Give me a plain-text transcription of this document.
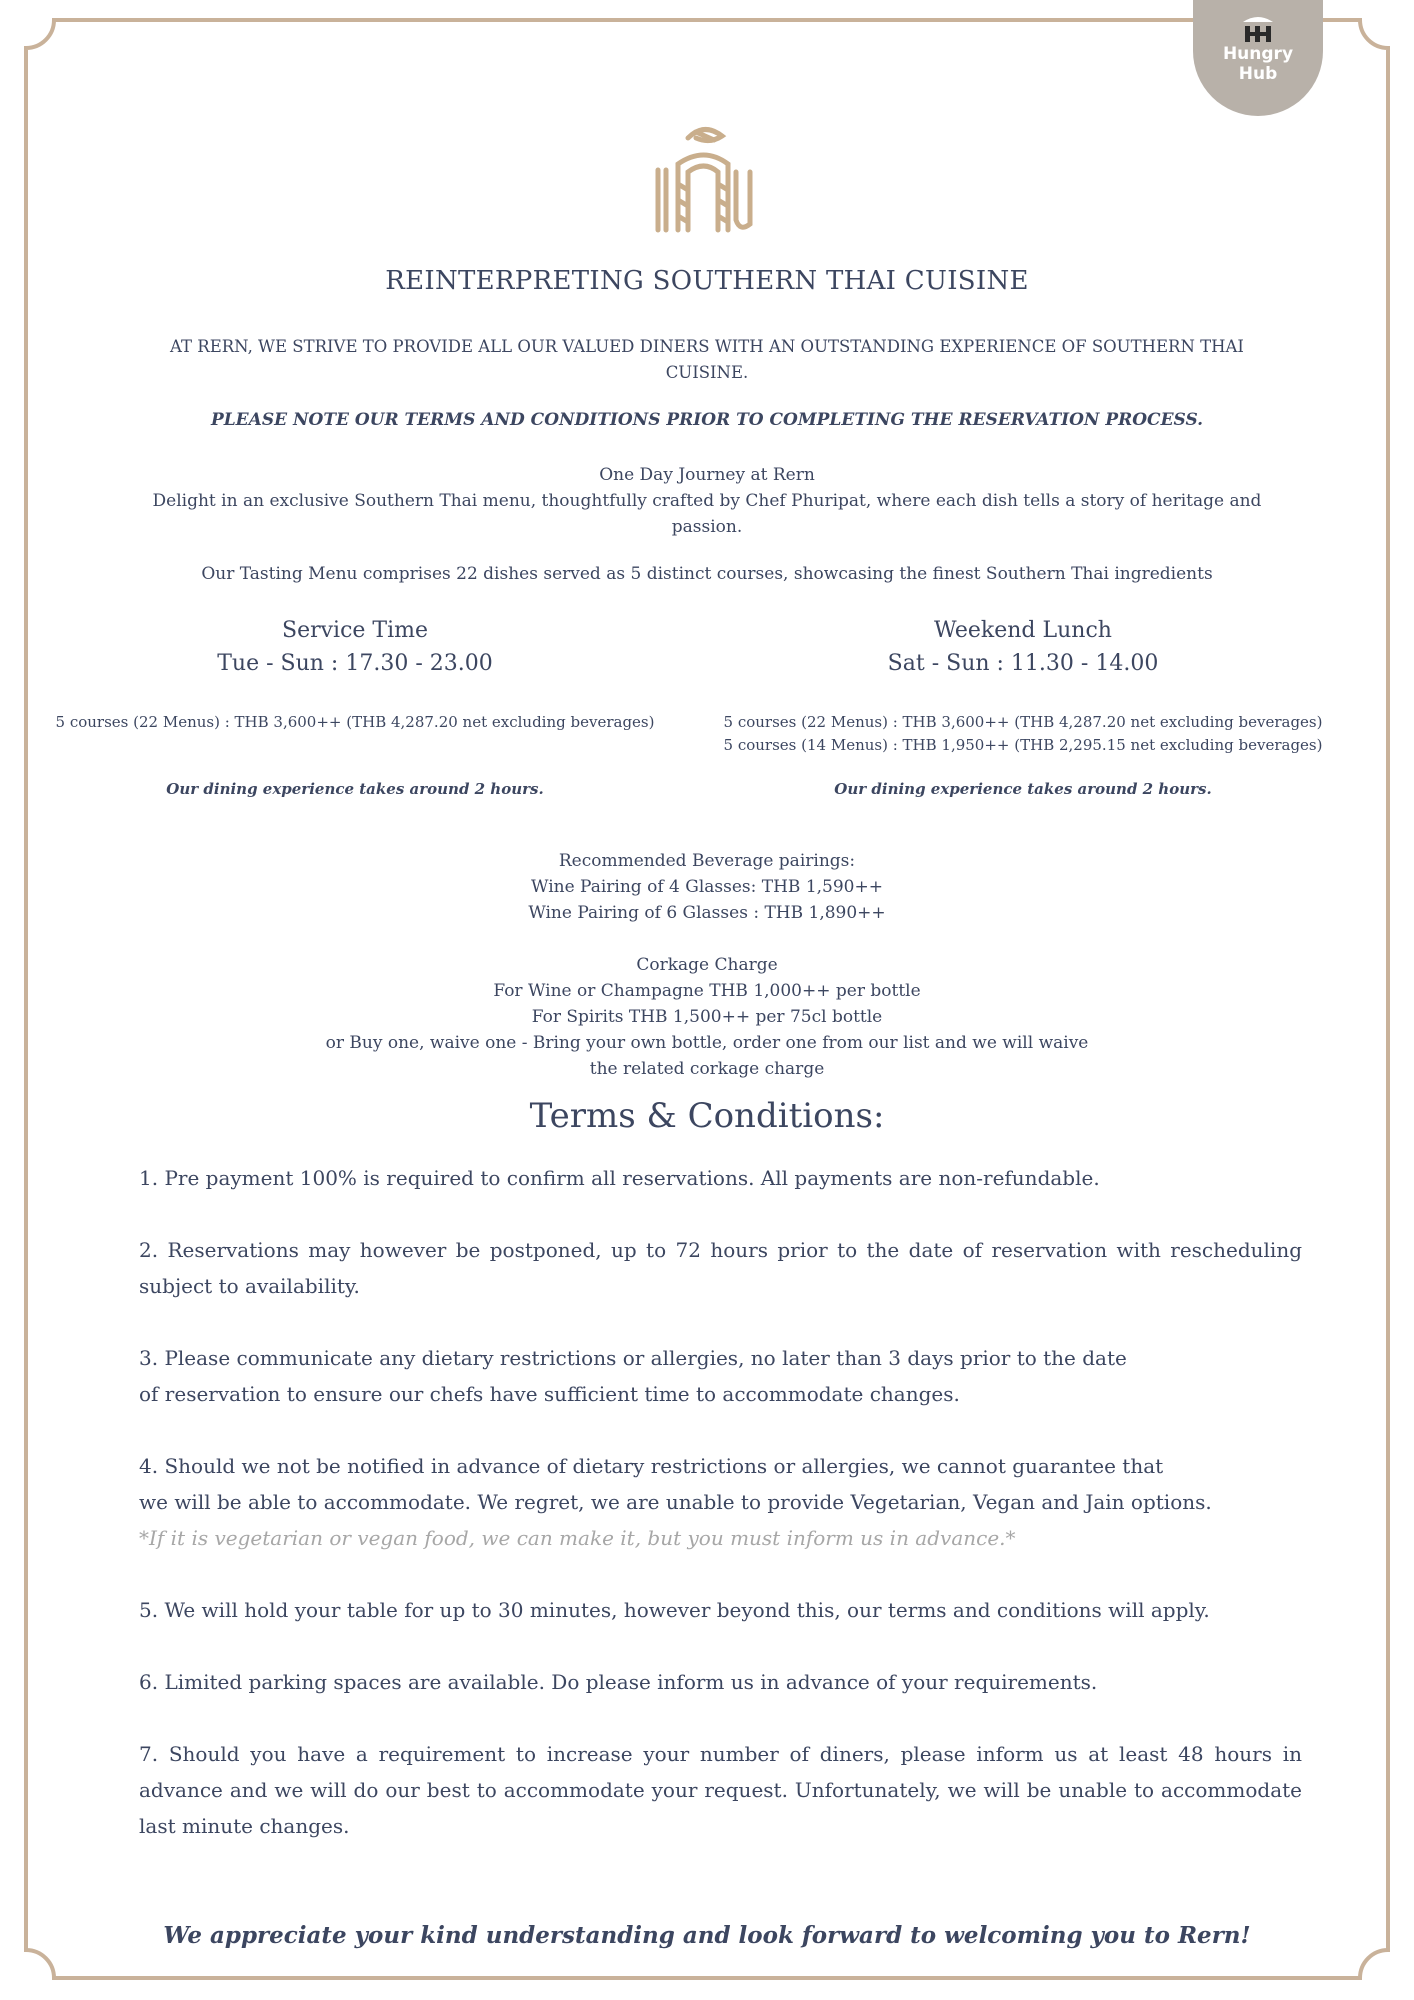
Hungry
Hub
REINTERPRETING SOUTHERN THAI CUISINE
AT RERN, WE STRIVE TO PROVIDE ALL OUR VALUED DINERS WITH AN OUTSTANDING EXPERIENCE OF SOUTHERN THAI CUISINE.
PLEASE NOTE OUR TERMS AND CONDITIONS PRIOR TO COMPLETING THE RESERVATION PROCESS.
One Day Journey at Rern
Delight in an exclusive Southern Thai menu, thoughtfully crafted by Chef Phuripat, where each dish tells a story of heritage and passion.
Our Tasting Menu comprises 22 dishes served as 5 distinct courses, showcasing the finest Southern Thai ingredients
Service Time
Tue - Sun : 17.30 - 23.00
5 courses (22 Menus) : THB 3,600++ (THB 4,287.20 net excluding beverages)
Our dining experience takes around 2 hours.
Weekend Lunch
Sat - Sun : 11.30 - 14.00
5 courses (22 Menus) : THB 3,600++ (THB 4,287.20 net excluding beverages)
5 courses (14 Menus) : THB 1,950++ (THB 2,295.15 net excluding beverages)
Our dining experience takes around 2 hours.
Recommended Beverage pairings:
Wine Pairing of 4 Glasses: THB 1,590++
Wine Pairing of 6 Glasses : THB 1,890++
Corkage Charge
For Wine or Champagne THB 1,000++ per bottle
For Spirits THB 1,500++ per 75cl bottle
or Buy one, waive one - Bring your own bottle, order one from our list and we will waive the related corkage charge
Terms & Conditions:

1. Pre payment 100% is required to confirm all reservations. All payments are non-refundable.

2. Reservations may however be postponed, up to 72 hours prior to the date of reservation with rescheduling subject to availability.

3. Please communicate any dietary restrictions or allergies, no later than 3 days prior to the date
of reservation to ensure our chefs have sufficient time to accommodate changes.

4. Should we not be notified in advance of dietary restrictions or allergies, we cannot guarantee that
we will be able to accommodate. We regret, we are unable to provide Vegetarian, Vegan and Jain options.
*If it is vegetarian or vegan food, we can make it, but you must inform us in advance.*

5. We will hold your table for up to 30 minutes, however beyond this, our terms and conditions will apply.

6. Limited parking spaces are available. Do please inform us in advance of your requirements.

7. Should you have a requirement to increase your number of diners, please inform us at least 48 hours in advance and we will do our best to accommodate your request. Unfortunately, we will be unable to accommodate last minute changes.

We appreciate your kind understanding and look forward to welcoming you to Rern!
